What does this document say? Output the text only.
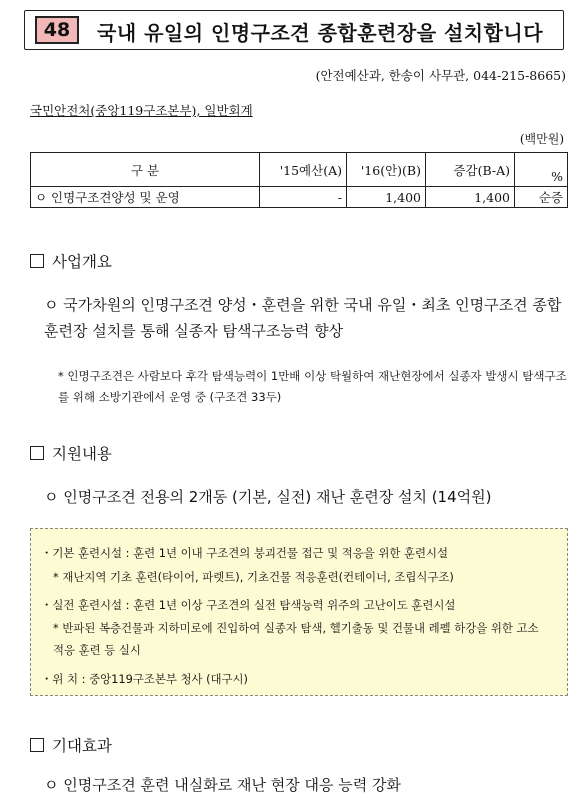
48	국내 유일의 인명구조견 종합훈련장을 설치합니다
(안전예산과, 한송이 사무관, 044-215-8665)
국민안전처(중앙119구조본부), 일반회계
(백만원)
구 분	'15예산(A)	'16(안)(B)	증감(B-A)	%
ㅇ 인명구조견양성 및 운영	-	1,400	1,400	순증
사업개요
ㅇ 국가차원의 인명구조견 양성・훈련을 위한 국내 유일・최초 인명구조견 종합 훈련장 설치를 통해 실종자 탐색구조능력 향상
* 인명구조견은 사람보다 후각 탐색능력이 1만배 이상 탁월하여 재난현장에서 실종자 발생시 탐색구조를 위해 소방기관에서 운영 중 (구조견 33두)
지원내용
ㅇ 인명구조견 전용의 2개동 (기본, 실전) 재난 훈련장 설치 (14억원)
・기본 훈련시설 : 훈련 1년 이내 구조견의 붕괴건물 접근 및 적응을 위한 훈련시설
* 재난지역 기초 훈련(타이어, 파렛트), 기초건물 적응훈련(컨테이너, 조립식구조)
・실전 훈련시설 : 훈련 1년 이상 구조견의 실전 탐색능력 위주의 고난이도 훈련시설
* 반파된 복층건물과 지하미로에 진입하여 실종자 탐색, 헬기출동 및 건물내 레펠 하강을 위한 고소적응 훈련 등 실시
・위 치 : 중앙119구조본부 청사 (대구시)
기대효과
ㅇ 인명구조견 훈련 내실화로 재난 현장 대응 능력 강화
